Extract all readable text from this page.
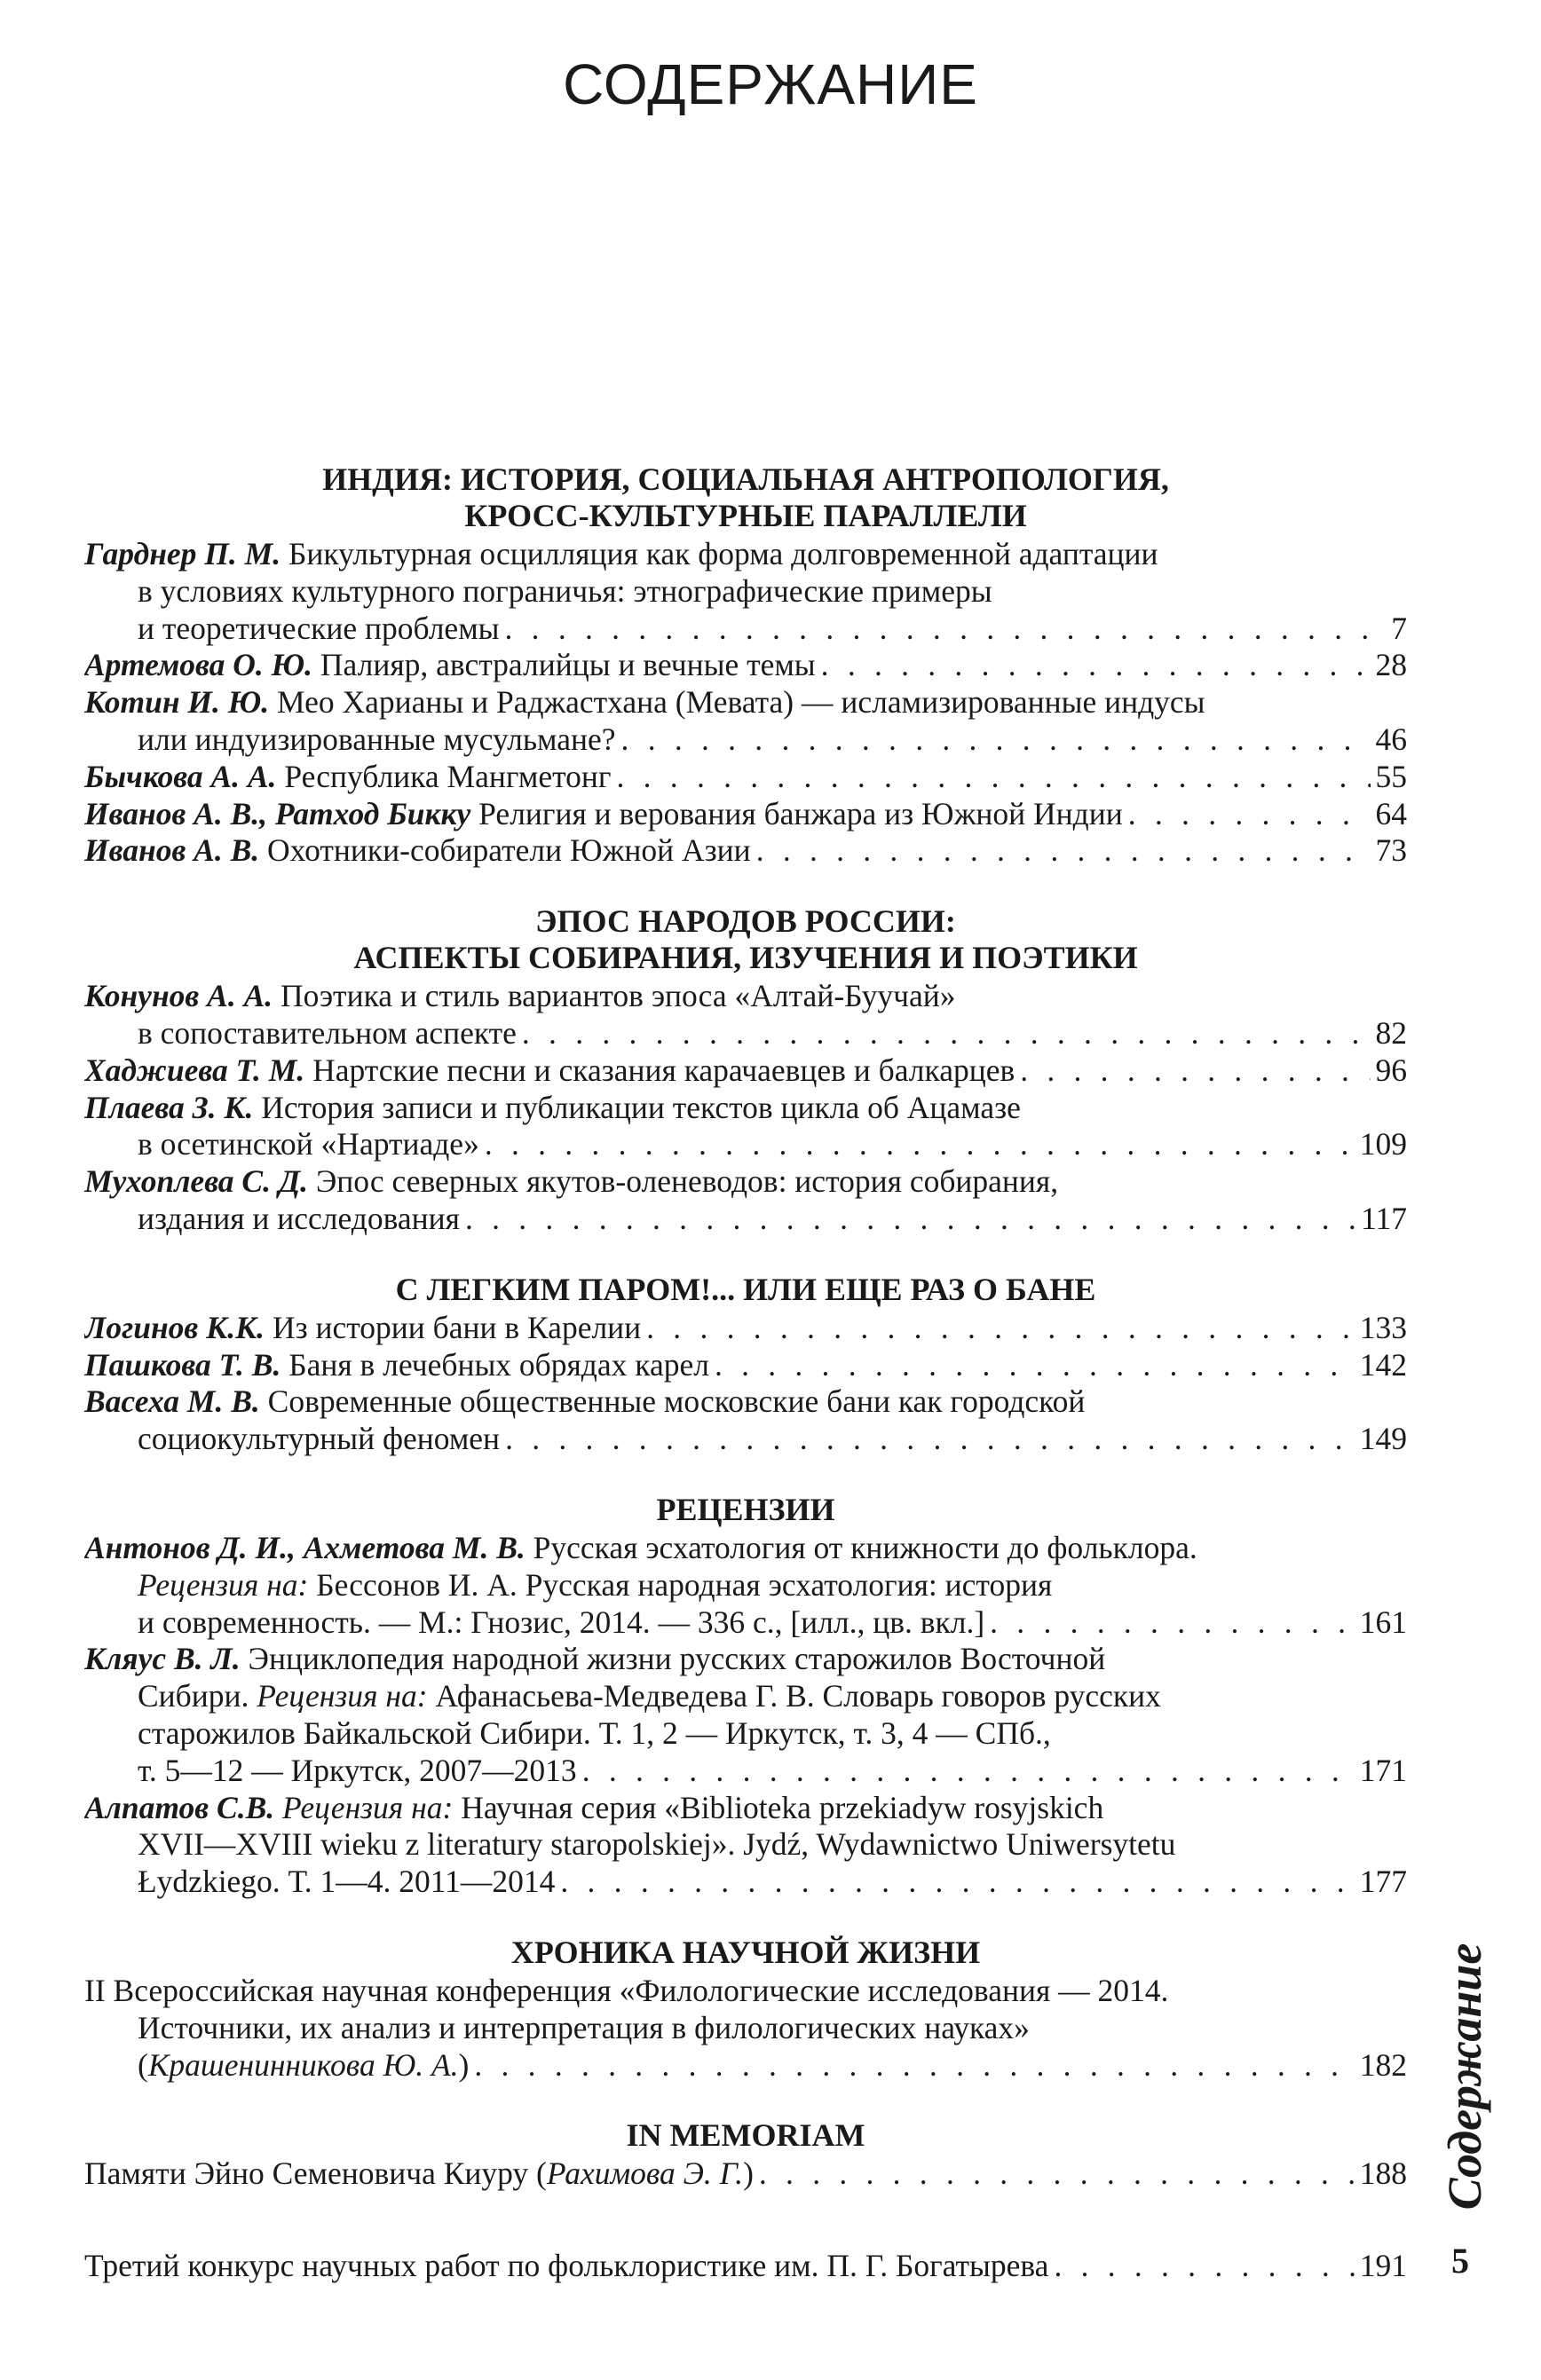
СОДЕРЖАНИЕ
ИНДИЯ: ИСТОРИЯ, СОЦИАЛЬНАЯ АНТРОПОЛОГИЯ,
КРОСС-КУЛЬТУРНЫЕ ПАРАЛЛЕЛИ
Гарднер П. М. Бикультурная осцилляция как форма долговременной адаптации
в условиях культурного пограничья: этнографические примеры
и теоретические проблемы . . .	7
Артемова О. Ю. Палияр, австралийцы и вечные темы . . .	28
Котин И. Ю. Мео Харианы и Раджастхана (Мевата) — исламизированные индусы
или индуизированные мусульмане? . . .	46
Бычкова А. А. Республика Мангметонг . . .	55
Иванов А. В., Ратход Бикку Религия и верования банжара из Южной Индии . . .	64
Иванов А. В. Охотники-собиратели Южной Азии . . .	73
ЭПОС НАРОДОВ РОССИИ:
АСПЕКТЫ СОБИРАНИЯ, ИЗУЧЕНИЯ И ПОЭТИКИ
Конунов А. А. Поэтика и стиль вариантов эпоса «Алтай-Буучай»
в сопоставительном аспекте . . .	82
Хаджиева Т. М. Нартские песни и сказания карачаевцев и балкарцев . . .	96
Плаева З. К. История записи и публикации текстов цикла об Ацамазе
в осетинской «Нартиаде» . . .	109
Мухоплева С. Д. Эпос северных якутов-оленеводов: история собирания,
издания и исследования . . .	117
С ЛЕГКИМ ПАРОМ!... ИЛИ ЕЩЕ РАЗ О БАНЕ
Логинов К.К. Из истории бани в Карелии . . .	133
Пашкова Т. В. Баня в лечебных обрядах карел . . .	142
Васеха М. В. Современные общественные московские бани как городской
социокультурный феномен . . .	149
РЕЦЕНЗИИ
Антонов Д. И., Ахметова М. В. Русская эсхатология от книжности до фольклора.
Рецензия на: Бессонов И. А. Русская народная эсхатология: история
и современность. — М.: Гнозис, 2014. — 336 с., [илл., цв. вкл.] . . .	161
Кляус В. Л. Энциклопедия народной жизни русских старожилов Восточной
Сибири. Рецензия на: Афанасьева-Медведева Г. В. Словарь говоров русских
старожилов Байкальской Сибири. Т. 1, 2 — Иркутск, т. 3, 4 — СПб.,
т. 5—12 — Иркутск, 2007—2013 . . .	171
Алпатов С.В. Рецензия на: Научная серия «Biblioteka przekiadyw rosyjskich
XVII—XVIII wieku z literatury staropolskiej». Jydź, Wydawnictwo Uniwersytetu
Łydzkiego. Т. 1—4. 2011—2014 . . .	177
ХРОНИКА НАУЧНОЙ ЖИЗНИ
II Всероссийская научная конференция «Филологические исследования — 2014.
Источники, их анализ и интерпретация в филологических науках»
(Крашенинникова Ю. А.) . . .	182
IN MEMORIAM
Памяти Эйно Семеновича Киуру (Рахимова Э. Г.) . . .	188
Третий конкурс научных работ по фольклористике им. П. Г. Богатырева . . .	191
Содержание
5
